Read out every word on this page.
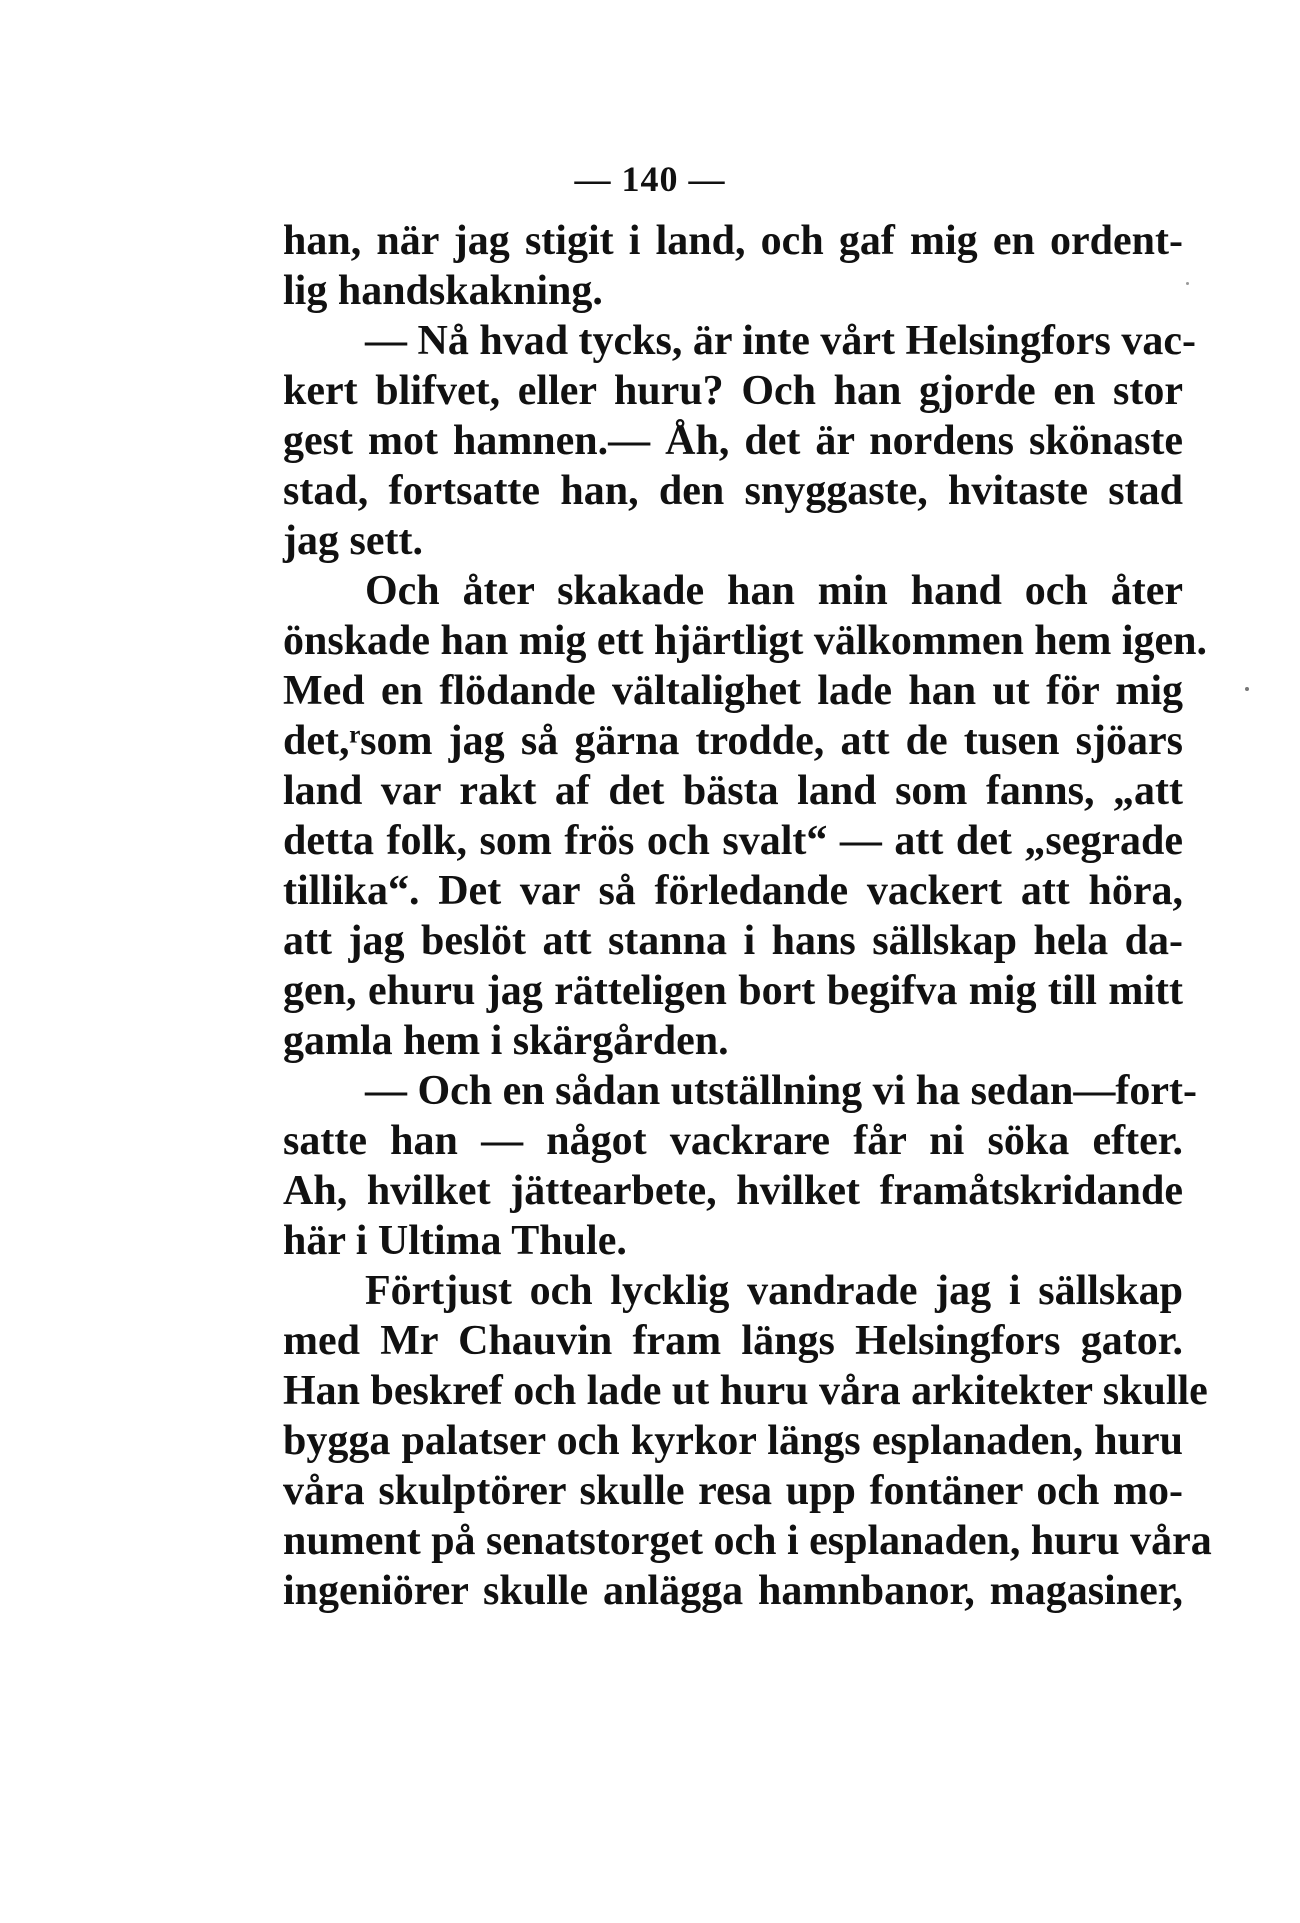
— 140 —
han, när jag stigit i land, och gaf mig en ordent-
lig handskakning.
— Nå hvad tycks, är inte vårt Helsingfors vac-
kert blifvet, eller huru? Och han gjorde en stor
gest mot hamnen.— Åh, det är nordens skönaste
stad, fortsatte han, den snyggaste, hvitaste stad
jag sett.
Och åter skakade han min hand och åter
önskade han mig ett hjärtligt välkommen hem igen.
Med en flödande vältalighet lade han ut för mig
det,ʳsom jag så gärna trodde, att de tusen sjöars
land var rakt af det bästa land som fanns, „att
detta folk, som frös och svalt“ — att det „segrade
tillika“. Det var så förledande vackert att höra,
att jag beslöt att stanna i hans sällskap hela da-
gen, ehuru jag rätteligen bort begifva mig till mitt
gamla hem i skärgården.
— Och en sådan utställning vi ha sedan—fort-
satte han — något vackrare får ni söka efter.
Ah, hvilket jättearbete, hvilket framåtskridande
här i Ultima Thule.
Förtjust och lycklig vandrade jag i sällskap
med Mr Chauvin fram längs Helsingfors gator.
Han beskref och lade ut huru våra arkitekter skulle
bygga palatser och kyrkor längs esplanaden, huru
våra skulptörer skulle resa upp fontäner och mo-
nument på senatstorget och i esplanaden, huru våra
ingeniörer skulle anlägga hamnbanor, magasiner,
